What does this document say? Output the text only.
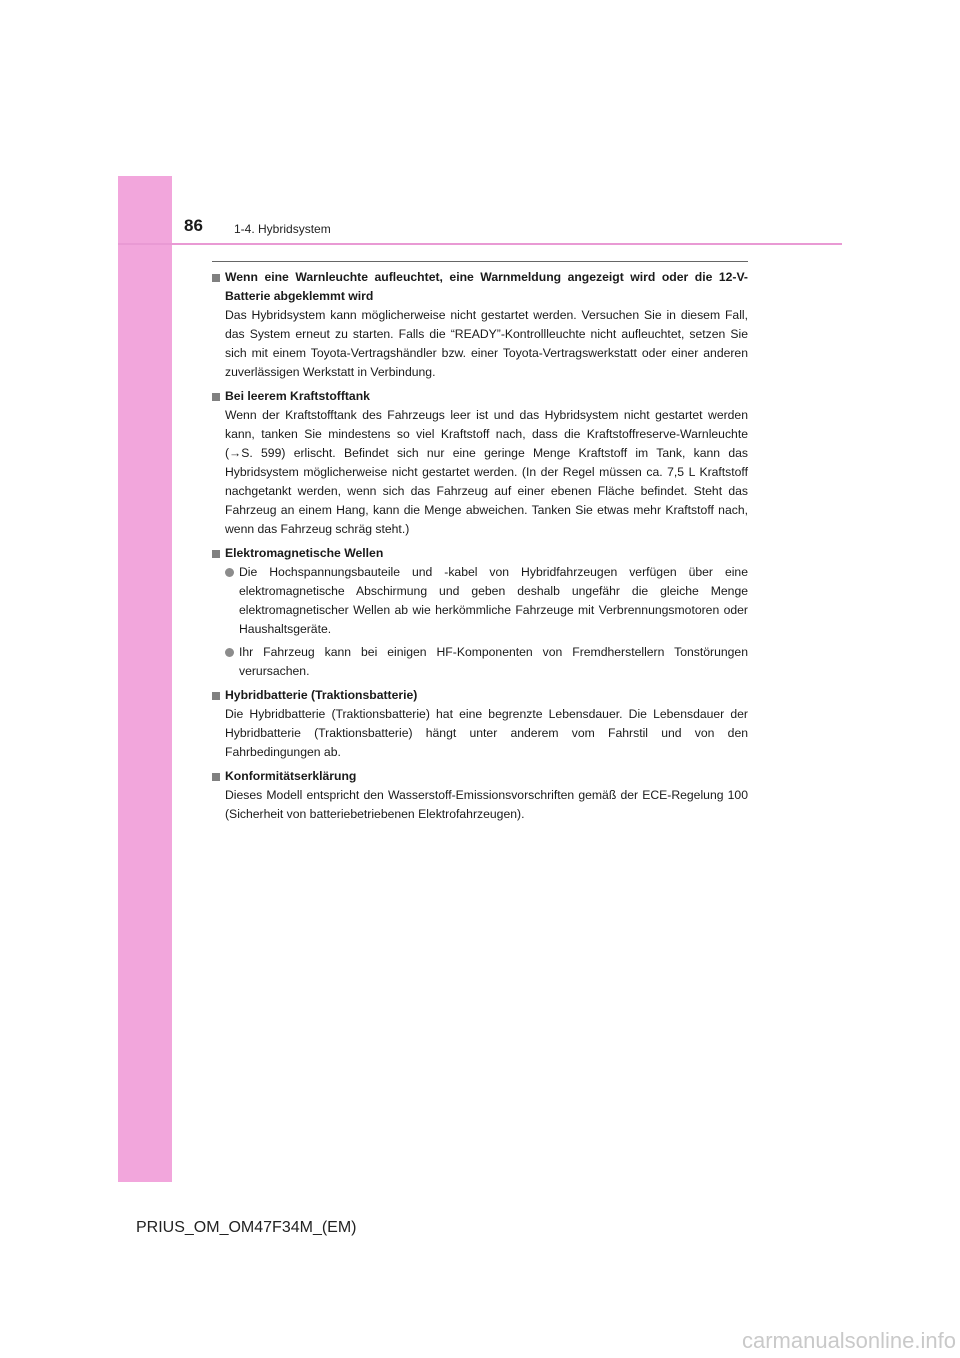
86	1-4. Hybridsystem
Wenn eine Warnleuchte aufleuchtet, eine Warnmeldung angezeigt wird oder die 12-V-Batterie abgeklemmt wird
Das Hybridsystem kann möglicherweise nicht gestartet werden. Versuchen Sie in diesem Fall, das System erneut zu starten. Falls die “READY”-Kontrollleuchte nicht aufleuchtet, setzen Sie sich mit einem Toyota-Vertragshändler bzw. einer Toyota-Vertragswerkstatt oder einer anderen zuverlässigen Werkstatt in Verbindung.
Bei leerem Kraftstofftank
Wenn der Kraftstofftank des Fahrzeugs leer ist und das Hybridsystem nicht gestartet werden kann, tanken Sie mindestens so viel Kraftstoff nach, dass die Kraftstoffreserve-Warnleuchte (→S. 599) erlischt. Befindet sich nur eine geringe Menge Kraftstoff im Tank, kann das Hybridsystem möglicherweise nicht gestartet werden. (In der Regel müssen ca. 7,5 L Kraftstoff nachgetankt werden, wenn sich das Fahrzeug auf einer ebenen Fläche befindet. Steht das Fahrzeug an einem Hang, kann die Menge abweichen. Tanken Sie etwas mehr Kraftstoff nach, wenn das Fahrzeug schräg steht.)
Elektromagnetische Wellen
Die Hochspannungsbauteile und -kabel von Hybridfahrzeugen verfügen über eine elektromagnetische Abschirmung und geben deshalb ungefähr die gleiche Menge elektromagnetischer Wellen ab wie herkömmliche Fahrzeuge mit Verbrennungsmotoren oder Haushaltsgeräte.
Ihr Fahrzeug kann bei einigen HF-Komponenten von Fremdherstellern Tonstörungen verursachen.
Hybridbatterie (Traktionsbatterie)
Die Hybridbatterie (Traktionsbatterie) hat eine begrenzte Lebensdauer. Die Lebensdauer der Hybridbatterie (Traktionsbatterie) hängt unter anderem vom Fahrstil und von den Fahrbedingungen ab.
Konformitätserklärung
Dieses Modell entspricht den Wasserstoff-Emissionsvorschriften gemäß der ECE-Regelung 100 (Sicherheit von batteriebetriebenen Elektrofahrzeugen).
PRIUS_OM_OM47F34M_(EM)
carmanualsonline.info
